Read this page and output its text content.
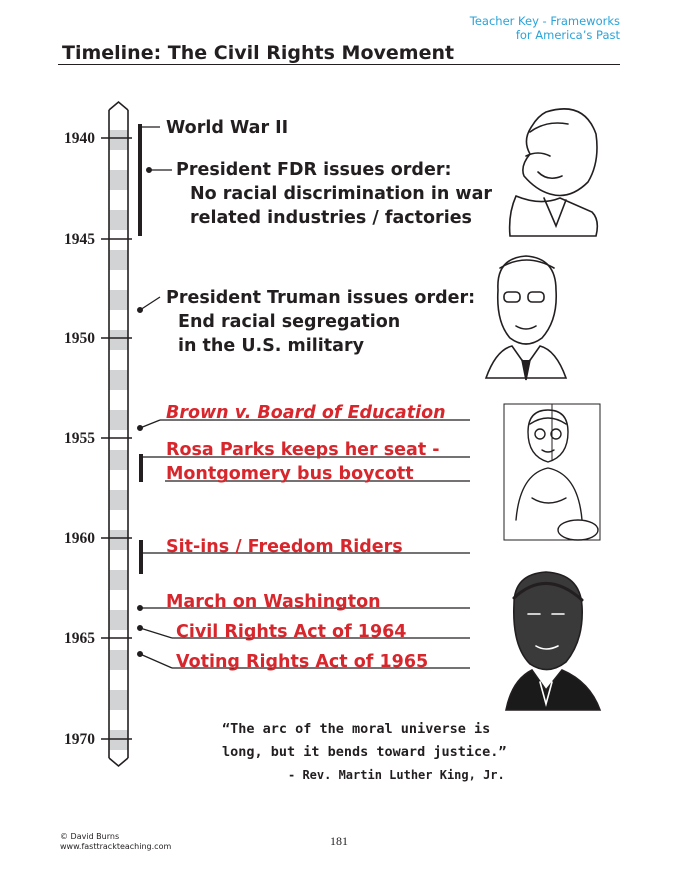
Teacher Key - Frameworks
for America’s Past
Timeline: The Civil Rights Movement
1940
1945
1950
1955
1960
1965
1970
World War II
President FDR issues order:
No racial discrimination in war
related industries / factories
President Truman issues order:
End racial segregation
in the U.S. military
Brown v. Board of Education
Rosa Parks keeps her seat -
Montgomery bus boycott
Sit-ins / Freedom Riders
March on Washington
Civil Rights Act of 1964
Voting Rights Act of 1965
“The arc of the moral universe is
long, but it bends toward justice.”
- Rev. Martin Luther King, Jr.
© David Burns
www.fasttrackteaching.com	181
